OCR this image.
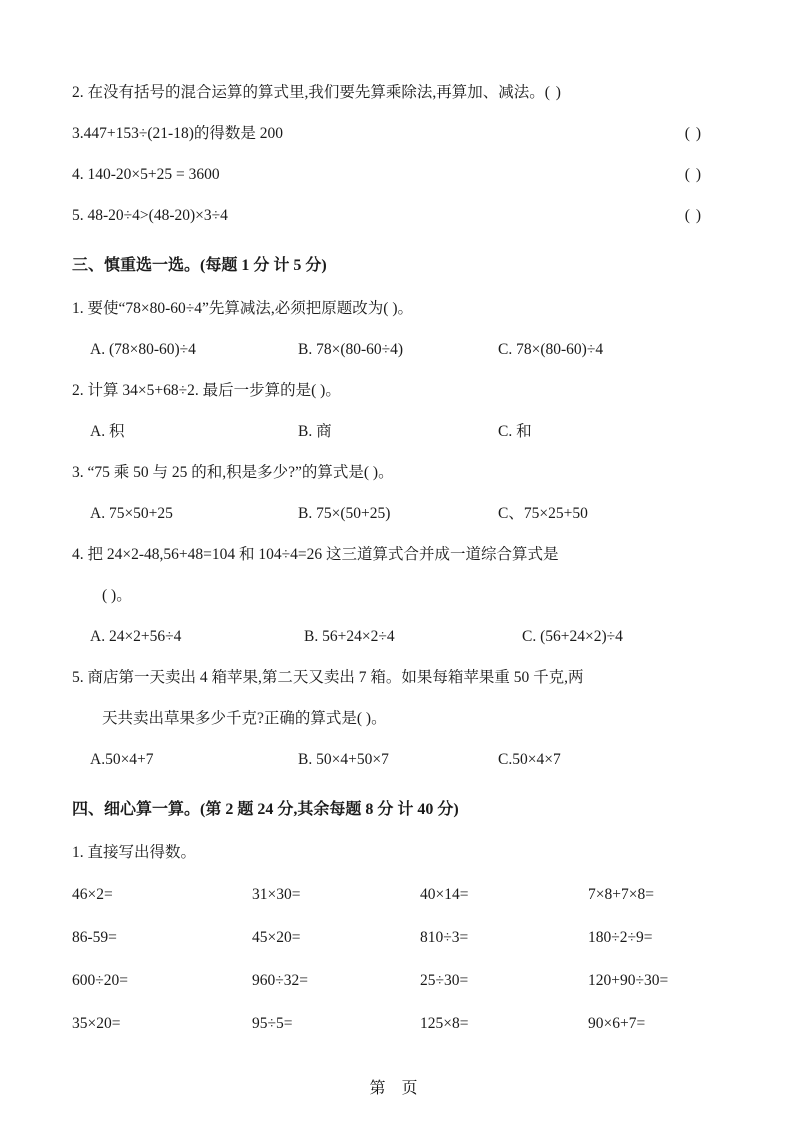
2. 在没有括号的混合运算的算式里,我们要先算乘除法,再算加、减法。 ( )
3.447+153÷(21-18)的得数是 200	( )
4. 140-20×5+25 = 3600	( )
5. 48-20÷4>(48-20)×3÷4	( )
三、慎重选一选。(每题 1 分 计 5 分)
1. 要使“78×80-60÷4”先算减法,必须把原题改为( )。
A. (78×80-60)÷4	B. 78×(80-60÷4)	C. 78×(80-60)÷4
2. 计算 34×5+68÷2. 最后一步算的是( )。
A. 积	B. 商	C. 和
3. “75 乘 50 与 25 的和,积是多少?”的算式是( )。
A. 75×50+25	B. 75×(50+25)	C、75×25+50
4. 把 24×2-48,56+48=104 和 104÷4=26 这三道算式合并成一道综合算式是
( )。
A. 24×2+56÷4	B. 56+24×2÷4	C. (56+24×2)÷4
5. 商店第一天卖出 4 箱苹果,第二天又卖出 7 箱。如果每箱苹果重 50 千克,两
天共卖出草果多少千克?正确的算式是( )。
A.50×4+7	B. 50×4+50×7	C.50×4×7
四、细心算一算。(第 2 题 24 分,其余每题 8 分 计 40 分)
1. 直接写出得数。
46×2=	31×30=	40×14=	7×8+7×8=
86-59=	45×20=	810÷3=	180÷2÷9=
600÷20=	960÷32=	25÷30=	120+90÷30=
35×20=	95÷5=	125×8=	90×6+7=
第 页
